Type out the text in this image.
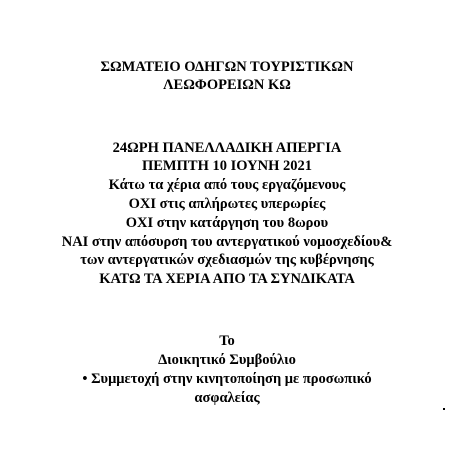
ΣΩΜΑΤΕΙΟ ΟΔΗΓΩΝ ΤΟΥΡΙΣΤΙΚΩΝ
ΛΕΩΦΟΡΕΙΩΝ ΚΩ
24ΩΡΗ ΠΑΝΕΛΛΑΔΙΚΗ ΑΠΕΡΓΙΑ
ΠΕΜΠΤΗ 10 ΙΟΥΝΗ 2021
Κάτω τα χέρια από τους εργαζόμενους
ΟΧΙ στις απλήρωτες υπερωρίες
ΟΧΙ στην κατάργηση του 8ωρου
ΝΑΙ στην απόσυρση του αντεργατικού νομοσχεδίου&
των αντεργατικών σχεδιασμών της κυβέρνησης
ΚΑΤΩ ΤΑ ΧΕΡΙΑ ΑΠΟ ΤΑ ΣΥΝΔΙΚΑΤΑ
Το
Διοικητικό Συμβούλιο
• Συμμετοχή στην κινητοποίηση με προσωπικό
ασφαλείας
